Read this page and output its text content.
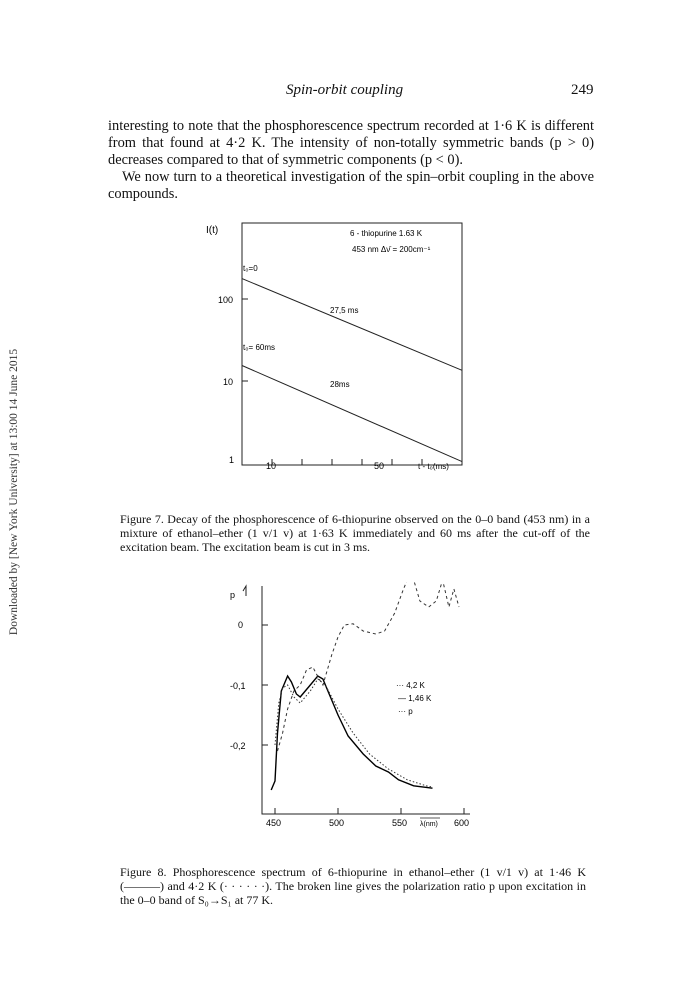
Spin-orbit coupling	249
Downloaded by [New York University] at 13:00 14 June 2015

interesting to note that the phosphorescence spectrum recorded at 1·6 K is different from that found at 4·2 K. The intensity of non-totally symmetric bands (p > 0) decreases compared to that of symmetric components (p < 0).

We now turn to a theoretical investigation of the spin–orbit coupling in the above compounds.

I(t)	6 - thiopurine 1.63 K
453 nm Δν̄ = 200cm⁻¹
t₀=0
t₀= 60ms
27,5 ms
28ms
100
10
1
10	50	t - t₀(ms)
Figure 7. Decay of the phosphorescence of 6-thiopurine observed on the 0–0 band (453 nm) in a mixture of ethanol–ether (1 v/1 v) at 1·63 K immediately and 60 ms after the cut-off of the excitation beam. The excitation beam is cut in 3 ms.
p
0
-0,1
-0,2
450	500	550	600
λ(nm)
··· 4,2 K
— 1,46 K
··· p
Figure 8. Phosphorescence spectrum of 6-thiopurine in ethanol–ether (1 v/1 v) at 1·46 K (———) and 4·2 K (· · · · · ·). The broken line gives the polarization ratio p upon excitation in the 0–0 band of S₀→S₁ at 77 K.
